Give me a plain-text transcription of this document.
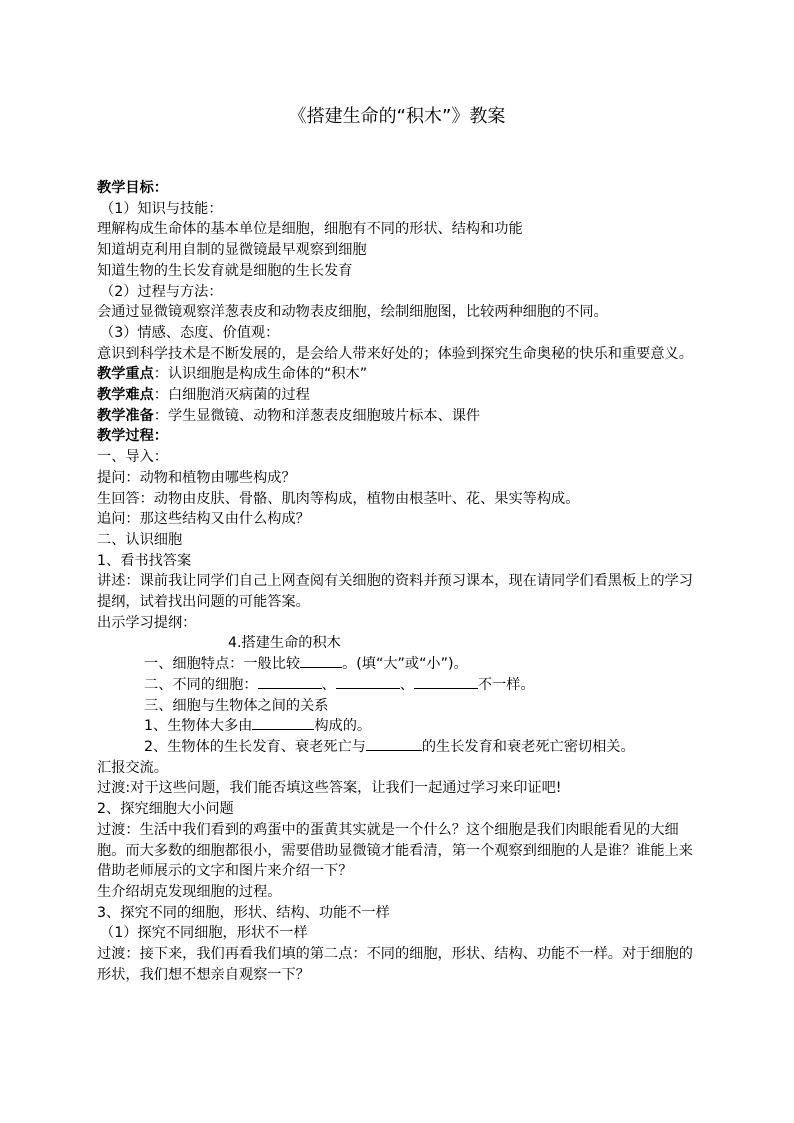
《搭建生命的“积木”》教案
教学目标：
（1）知识与技能：
理解构成生命体的基本单位是细胞，细胞有不同的形状、结构和功能
知道胡克利用自制的显微镜最早观察到细胞
知道生物的生长发育就是细胞的生长发育
（2）过程与方法：
会通过显微镜观察洋葱表皮和动物表皮细胞，绘制细胞图，比较两种细胞的不同。
（3）情感、态度、价值观：
意识到科学技术是不断发展的，是会给人带来好处的；体验到探究生命奥秘的快乐和重要意义。
教学重点：认识细胞是构成生命体的“积木”
教学难点：白细胞消灭病菌的过程
教学准备：学生显微镜、动物和洋葱表皮细胞玻片标本、课件
教学过程：
一、导入：
提问：动物和植物由哪些构成？
生回答：动物由皮肤、骨骼、肌肉等构成，植物由根茎叶、花、果实等构成。
追问：那这些结构又由什么构成？
二、认识细胞
1、看书找答案
讲述：课前我让同学们自己上网查阅有关细胞的资料并预习课本，现在请同学们看黑板上的学习提纲，试着找出问题的可能答案。
出示学习提纲：
4.搭建生命的积木
一、细胞特点：一般比较	。(填“大”或“小”)。
二、不同的细胞：	、	、	不一样。
三、细胞与生物体之间的关系
1、生物体大多由	构成的。
2、生物体的生长发育、衰老死亡与	的生长发育和衰老死亡密切相关。
汇报交流。
过渡:对于这些问题，我们能否填这些答案，让我们一起通过学习来印证吧!
2、探究细胞大小问题
过渡：生活中我们看到的鸡蛋中的蛋黄其实就是一个什么？这个细胞是我们肉眼能看见的大细胞。而大多数的细胞都很小，需要借助显微镜才能看清，第一个观察到细胞的人是谁？谁能上来借助老师展示的文字和图片来介绍一下？
生介绍胡克发现细胞的过程。
3、探究不同的细胞，形状、结构、功能不一样
（1）探究不同细胞，形状不一样
过渡：接下来，我们再看我们填的第二点：不同的细胞，形状、结构、功能不一样。对于细胞的形状，我们想不想亲自观察一下？
